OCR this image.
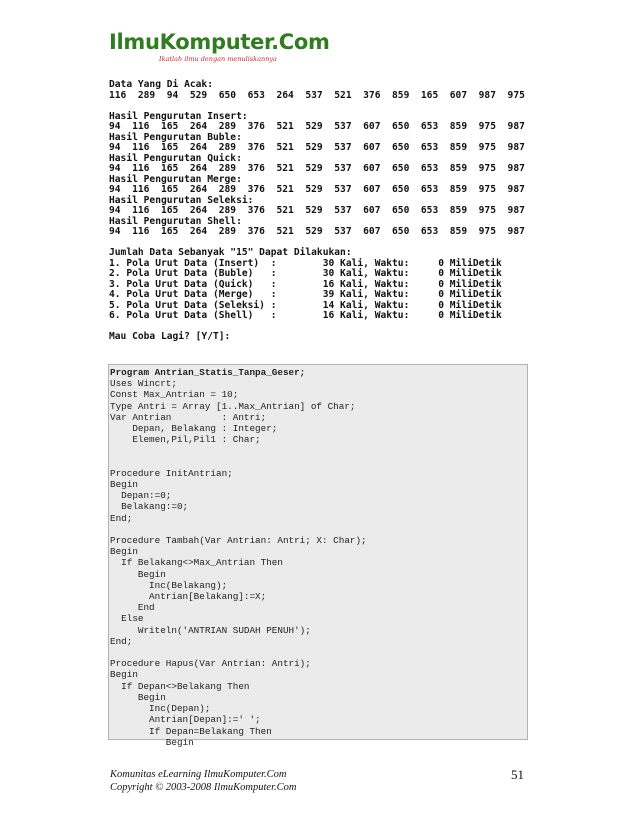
IlmuKomputer.Com
Ikatlah ilmu dengan menuliskannya
Data Yang Di Acak:
116  289  94  529  650  653  264  537  521  376  859  165  607  987  975

Hasil Pengurutan Insert:
94  116  165  264  289  376  521  529  537  607  650  653  859  975  987
Hasil Pengurutan Buble:
94  116  165  264  289  376  521  529  537  607  650  653  859  975  987
Hasil Pengurutan Quick:
94  116  165  264  289  376  521  529  537  607  650  653  859  975  987
Hasil Pengurutan Merge:
94  116  165  264  289  376  521  529  537  607  650  653  859  975  987
Hasil Pengurutan Seleksi:
94  116  165  264  289  376  521  529  537  607  650  653  859  975  987
Hasil Pengurutan Shell:
94  116  165  264  289  376  521  529  537  607  650  653  859  975  987

Jumlah Data Sebanyak "15" Dapat Dilakukan:
1. Pola Urut Data (Insert)  :        30 Kali, Waktu:     0 MiliDetik
2. Pola Urut Data (Buble)   :        30 Kali, Waktu:     0 MiliDetik
3. Pola Urut Data (Quick)   :        16 Kali, Waktu:     0 MiliDetik
4. Pola Urut Data (Merge)   :        39 Kali, Waktu:     0 MiliDetik
5. Pola Urut Data (Seleksi) :        14 Kali, Waktu:     0 MiliDetik
6. Pola Urut Data (Shell)   :        16 Kali, Waktu:     0 MiliDetik

Mau Coba Lagi? [Y/T]:
Program Antrian_Statis_Tanpa_Geser;
Uses Wincrt;
Const Max_Antrian = 10;
Type Antri = Array [1..Max_Antrian] of Char;
Var Antrian         : Antri;
Depan, Belakang : Integer;
Elemen,Pil,Pil1 : Char;

Procedure InitAntrian;
Begin
Depan:=0;
Belakang:=0;
End;

Procedure Tambah(Var Antrian: Antri; X: Char);
Begin
If Belakang<>Max_Antrian Then
Begin
Inc(Belakang);
Antrian[Belakang]:=X;
End
Else
Writeln('ANTRIAN SUDAH PENUH');
End;

Procedure Hapus(Var Antrian: Antri);
Begin
If Depan<>Belakang Then
Begin
Inc(Depan);
Antrian[Depan]:=' ';
If Depan=Belakang Then
Begin
Komunitas eLearning IlmuKomputer.Com
Copyright © 2003-2008 IlmuKomputer.Com
51
